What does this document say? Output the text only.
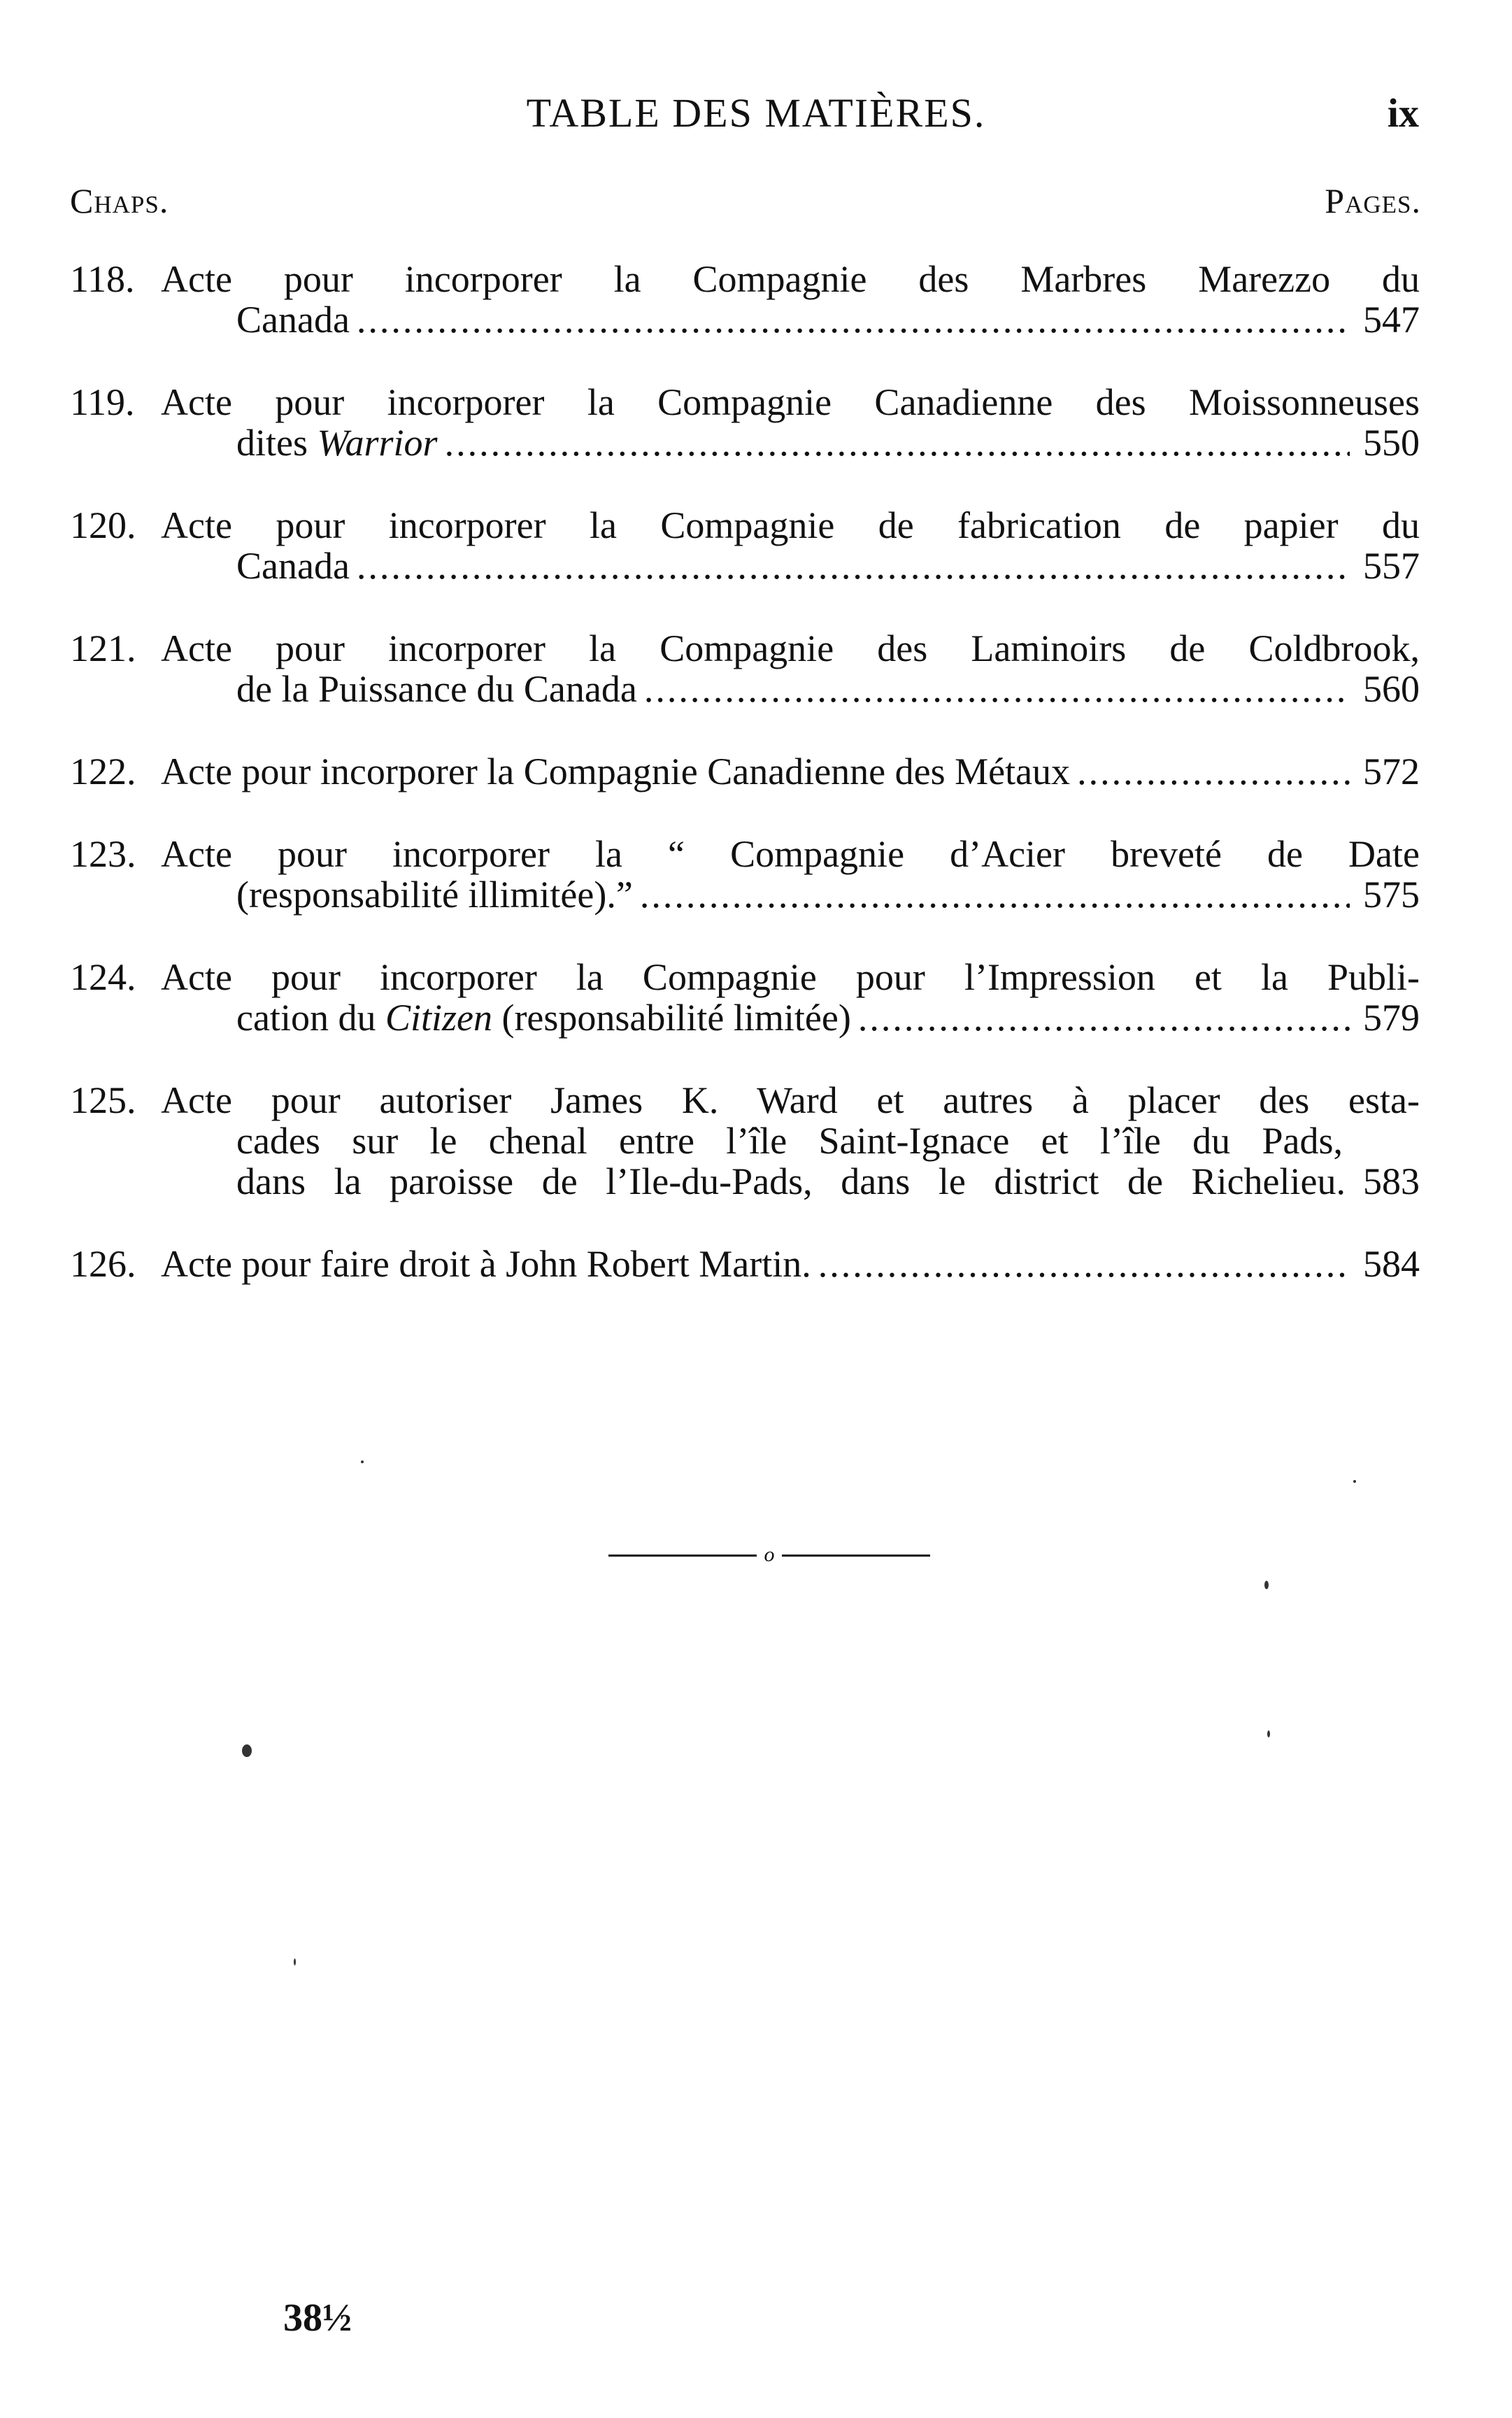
TABLE DES MATIÈRES.	ix
Chaps.	Pages.
118. Acte pour incorporer la Compagnie des Marbres Marezzo du
Canada .....	547
119. Acte pour incorporer la Compagnie Canadienne des Moissonneuses
dites Warrior .....	550
120. Acte pour incorporer la Compagnie de fabrication de papier du
Canada .....	557
121. Acte pour incorporer la Compagnie des Laminoirs de Coldbrook,
de la Puissance du Canada .....	560
122. Acte pour incorporer la Compagnie Canadienne des Métaux .....	572
123. Acte pour incorporer la “ Compagnie d’Acier breveté de Date
(responsabilité illimitée).” .....	575
124. Acte pour incorporer la Compagnie pour l’Impression et la Publi-
cation du Citizen (responsabilité limitée) .....	579
125. Acte pour autoriser James K. Ward et autres à placer des esta-
cades sur le chenal entre l’île Saint-Ignace et l’île du Pads,
dans la paroisse de l’Ile-du-Pads, dans le district de Richelieu. 583
126. Acte pour faire droit à John Robert Martin. .....	584
o
38½
